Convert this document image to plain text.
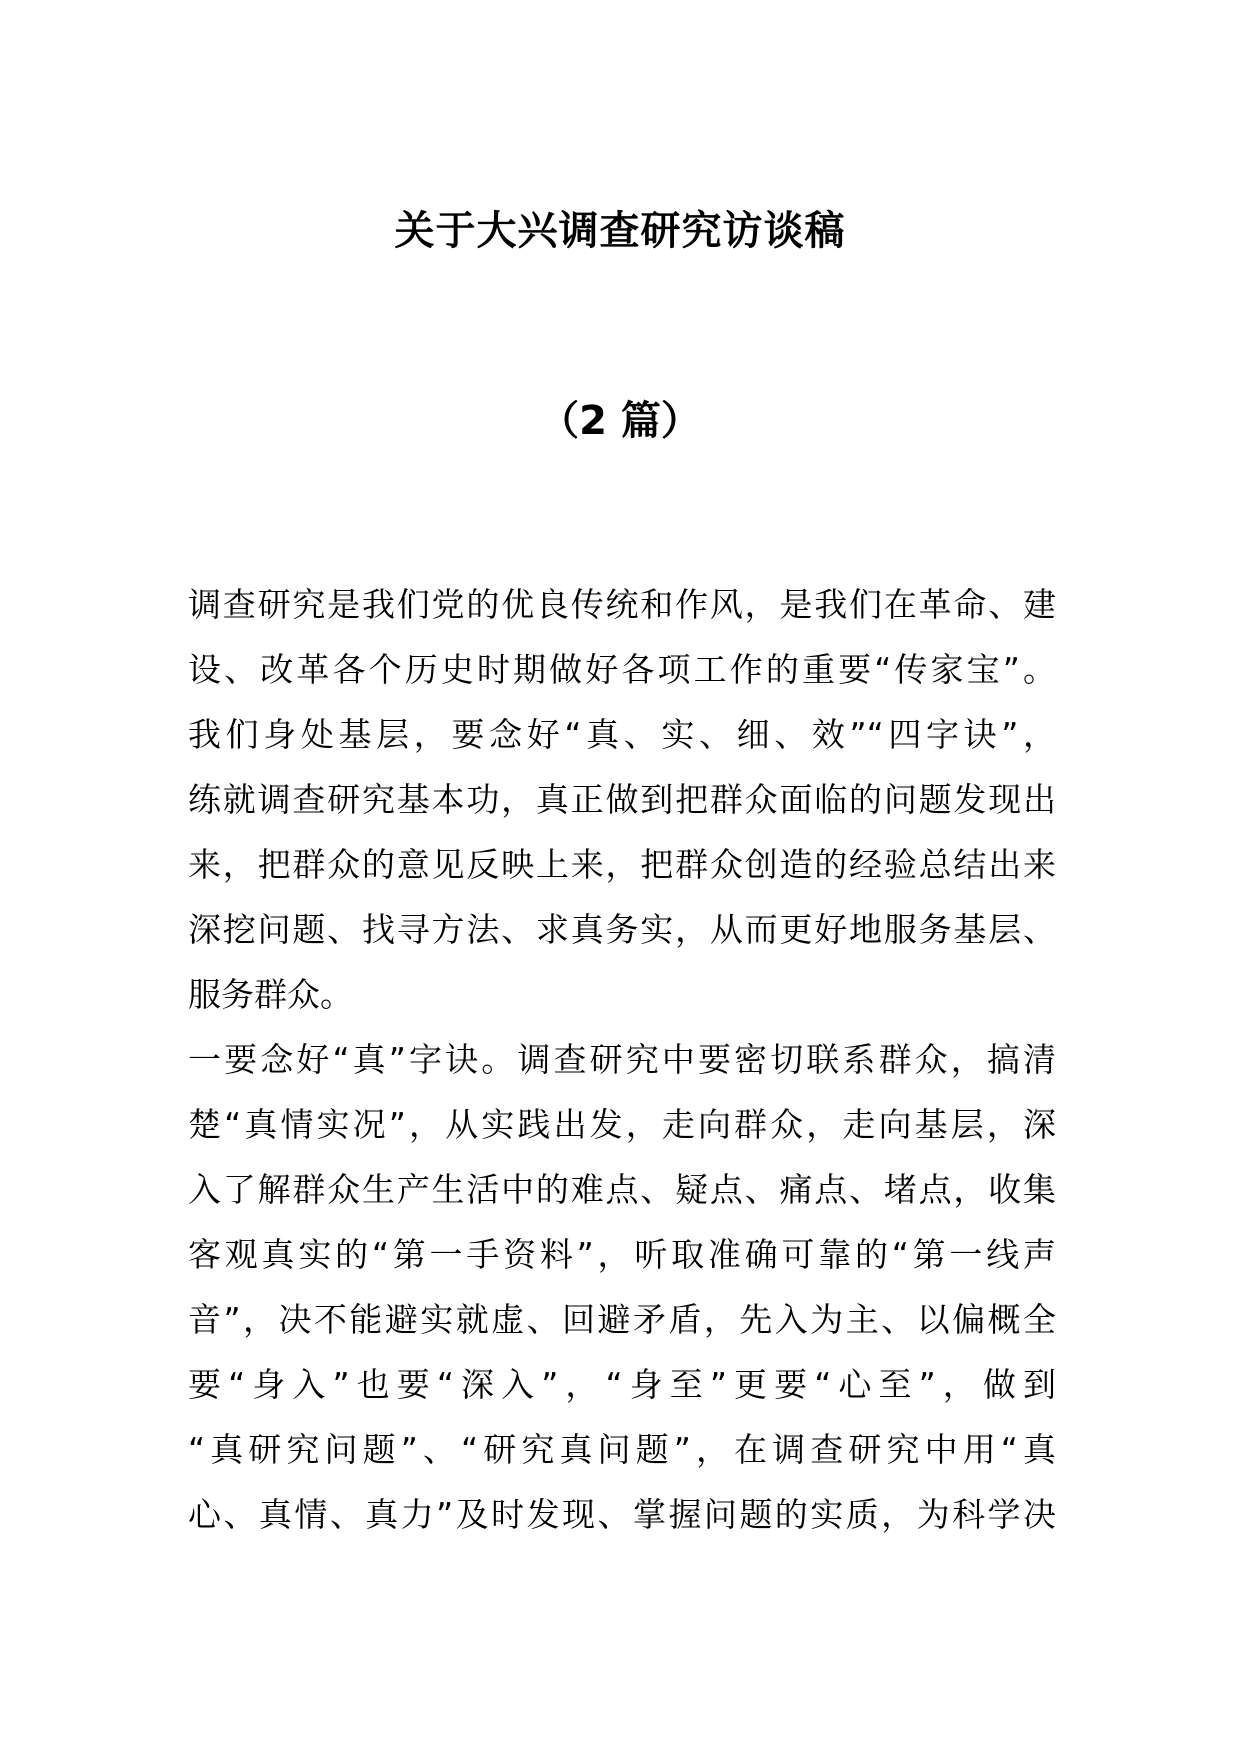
关于大兴调查研究访谈稿
（2 篇）
调查研究是我们党的优良传统和作风，是我们在革命、建
设、改革各个历史时期做好各项工作的重要“传家宝”。
我们身处基层，要念好“真、实、细、效”“四字诀”，
练就调查研究基本功，真正做到把群众面临的问题发现出
来，把群众的意见反映上来，把群众创造的经验总结出来
深挖问题、找寻方法、求真务实，从而更好地服务基层、
服务群众。
一要念好“真”字诀。调查研究中要密切联系群众，搞清
楚“真情实况”，从实践出发，走向群众，走向基层，深
入了解群众生产生活中的难点、疑点、痛点、堵点，收集
客观真实的“第一手资料”，听取准确可靠的“第一线声
音”，决不能避实就虚、回避矛盾，先入为主、以偏概全
要“身入”也要“深入”，“身至”更要“心至”，做到
“真研究问题”、“研究真问题”，在调查研究中用“真
心、真情、真力”及时发现、掌握问题的实质，为科学决
